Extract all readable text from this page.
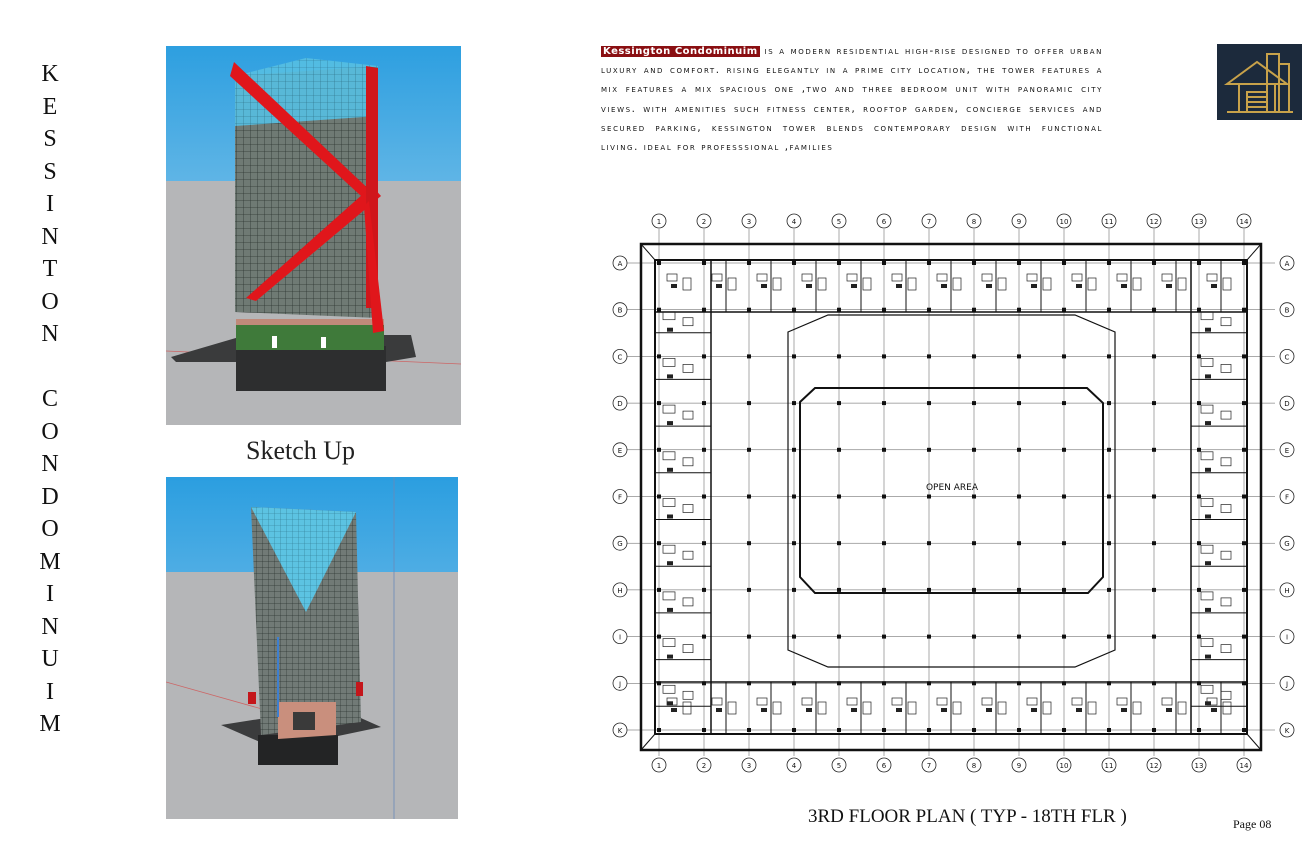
K
E
S
S
I
N
T
O
N
C
O
N
D
O
M
I
N
U
I
M
Sketch Up
Kessington Condominuim is a modern residential high-rise designed to offer urban luxury and comfort. rising elegantly in a prime city location, the tower features a mix features a mix spacious one ,two and three bedroom unit with panoramic city views. with amenities such fitness center, rooftop garden, concierge services and secured parking, kessington tower blends contemporary design with functional living. ideal for professsional ,families
1
1
2
2
3
3
4
4
5
5
6
6
7
7
8
8
9
9
10
10
11
11
12
12
13
13
14
14
A	A
B	B
C	C
D	D
E	E
F	F
G	G
H	H
I	I
J	J
K	K
OPEN AREA
3RD FLOOR PLAN ( TYP - 18TH FLR )	Page 08
